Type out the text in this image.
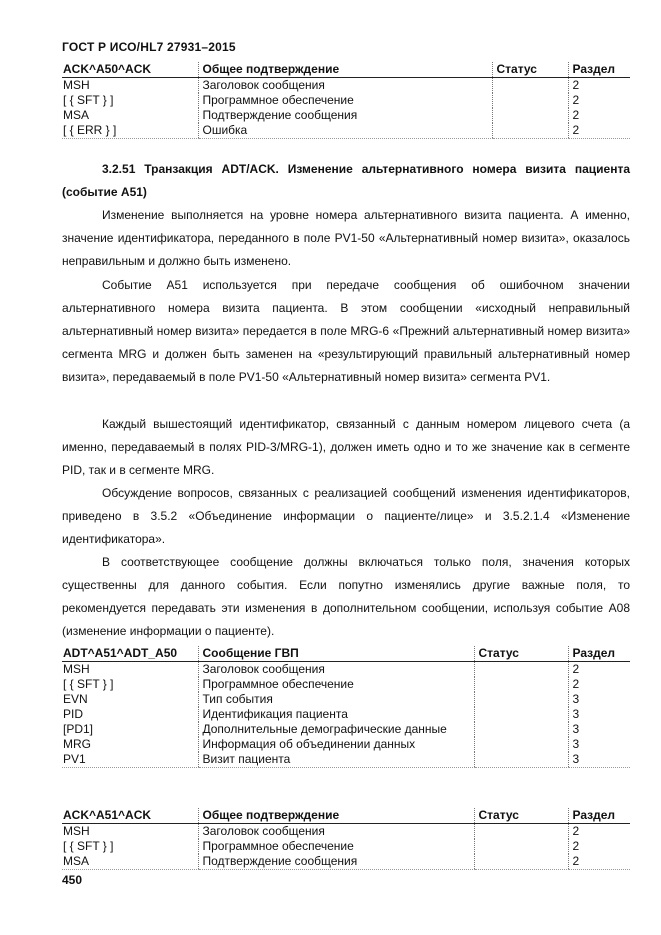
ГОСТ Р ИСО/HL7 27931–2015
ACK^A50^ACK	Общее подтверждение	Статус	Раздел
MSH	Заголовок сообщения		2
[ { SFT } ]	Программное обеспечение		2
MSA	Подтверждение сообщения		2
[ { ERR } ]	Ошибка		2
3.2.51 Транзакция ADT/ACK. Изменение альтернативного номера визита пациента (событие A51)

Изменение выполняется на уровне номера альтернативного визита пациента. А именно, значение идентификатора, переданного в поле PV1-50 «Альтернативный номер визита», оказалось неправильным и должно быть изменено.

Событие A51 используется при передаче сообщения об ошибочном значении альтернативного номера визита пациента. В этом сообщении «исходный неправильный альтернативный номер визита» передается в поле MRG-6 «Прежний альтернативный номер визита» сегмента MRG и должен быть заменен на «результирующий правильный альтернативный номер визита», передаваемый в поле PV1-50 «Альтернативный номер визита» сегмента PV1.

Каждый вышестоящий идентификатор, связанный с данным номером лицевого счета (а именно, передаваемый в полях PID-3/MRG-1), должен иметь одно и то же значение как в сегменте PID, так и в сегменте MRG.

Обсуждение вопросов, связанных с реализацией сообщений изменения идентификаторов, приведено в 3.5.2 «Объединение информации о пациенте/лице» и 3.5.2.1.4 «Изменение идентификатора».

В соответствующее сообщение должны включаться только поля, значения которых существенны для данного события. Если попутно изменялись другие важные поля, то рекомендуется передавать эти изменения в дополнительном сообщении, используя событие A08 (изменение информации о пациенте).

ADT^A51^ADT_A50	Сообщение ГВП	Статус	Раздел
MSH	Заголовок сообщения		2
[ { SFT } ]	Программное обеспечение		2
EVN	Тип события		3
PID	Идентификация пациента		3
[PD1]	Дополнительные демографические данные		3
MRG	Информация об объединении данных		3
PV1	Визит пациента		3
ACK^A51^ACK	Общее подтверждение	Статус	Раздел
MSH	Заголовок сообщения		2
[ { SFT } ]	Программное обеспечение		2
MSA	Подтверждение сообщения		2
450
